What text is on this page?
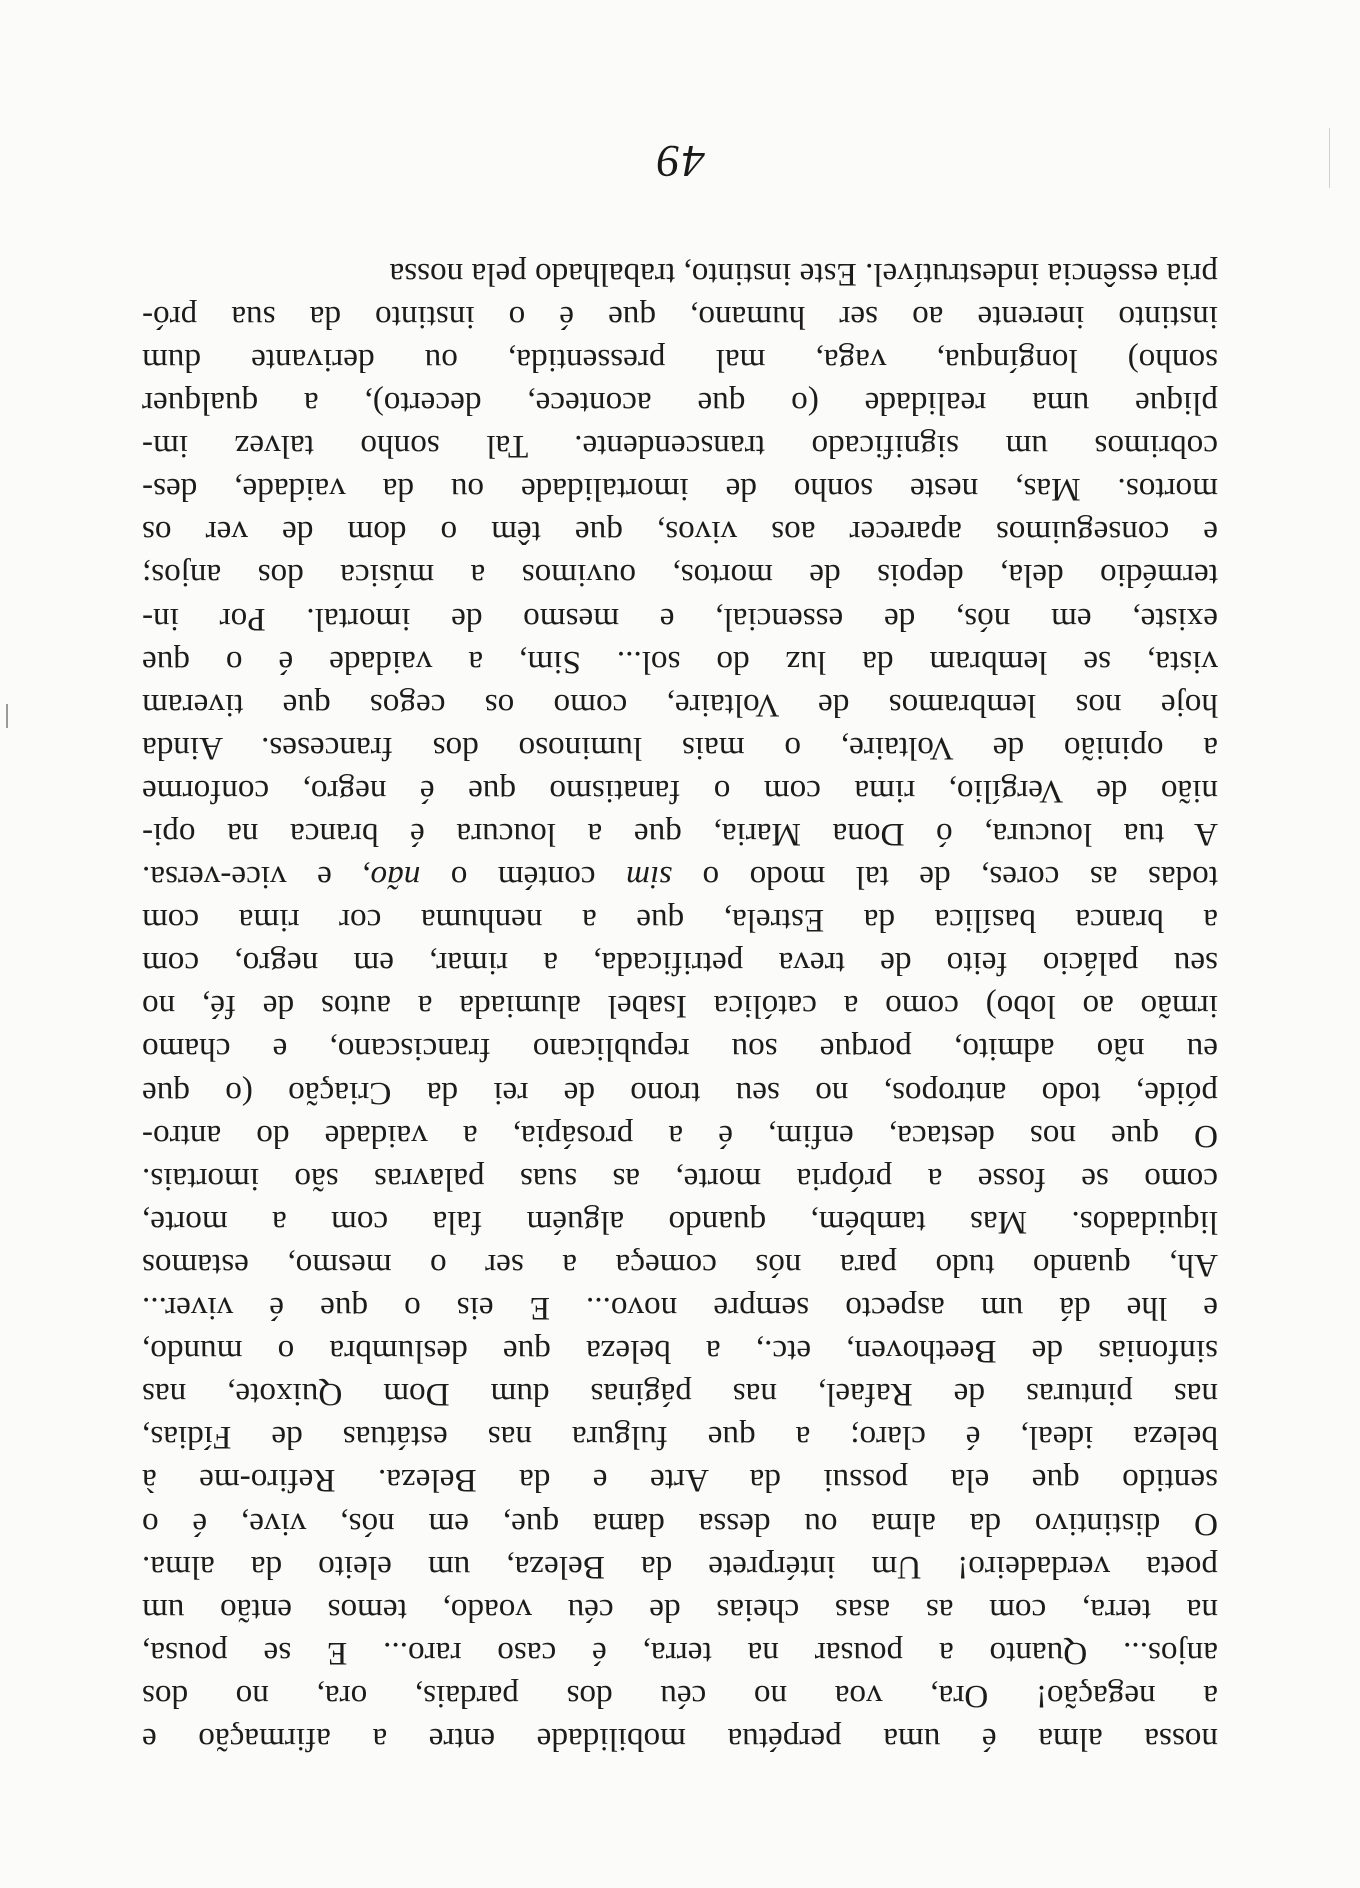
49
nossa alma é uma perpétua mobilidade entre a afirmação e
a negação! Ora, voa no céu dos pardais, ora, no dos
anjos... Quanto a pousar na terra, é caso raro... E se pousa,
na terra, com as asas cheias de céu voado, temos então um
poeta verdadeiro! Um intérprete da Beleza, um eleito da alma.
O distintivo da alma ou dessa dama que, em nós, vive, é o
sentido que ela possui da Arte e da Beleza. Refiro-me à
beleza ideal, é claro; a que fulgura nas estátuas de Fídias,
nas pinturas de Rafael, nas páginas dum Dom Quixote, nas
sinfonias de Beethoven, etc., a beleza que deslumbra o mundo,
e lhe dá um aspecto sempre novo... E eis o que é viver...
Ah, quando tudo para nós começa a ser o mesmo, estamos
liquidados. Mas também, quando alguém fala com a morte,
como se fosse a própria morte, as suas palavras são imortais.
O que nos destaca, enfim, é a prosápia, a vaidade do antro-
póide, todo antropos, no seu trono de rei da Criação (o que
eu não admito, porque sou republicano franciscano, e chamo
irmão ao lobo) como a católica Isabel alumiada a autos de fé, no
seu palácio feito de treva petrificada, a rimar, em negro, com
a branca basílica da Estrela, que a nenhuma cor rima com
todas as cores, de tal modo o sim contém o não, e vice-versa.
A tua loucura, ó Dona Maria, que a loucura é branca na opi-
nião de Vergílio, rima com o fanatismo que é negro, conforme
a opinião de Voltaire, o mais luminoso dos franceses. Ainda
hoje nos lembramos de Voltaire, como os cegos que tiveram
vista, se lembram da luz do sol... Sim, a vaidade é o que
existe, em nós, de essencial, e mesmo de imortal. Por in-
termédio dela, depois de mortos, ouvimos a música dos anjos;
e conseguimos aparecer aos vivos, que têm o dom de ver os
mortos. Mas, neste sonho de imortalidade ou da vaidade, des-
cobrimos um significado transcendente. Tal sonho talvez im-
plique uma realidade (o que acontece, decerto), a qualquer
sonho) longínqua, vaga, mal pressentida, ou derivante dum
instinto inerente ao ser humano, que é o instinto da sua pró-
pria essência indestrutível. Este instinto, trabalhado pela nossa
